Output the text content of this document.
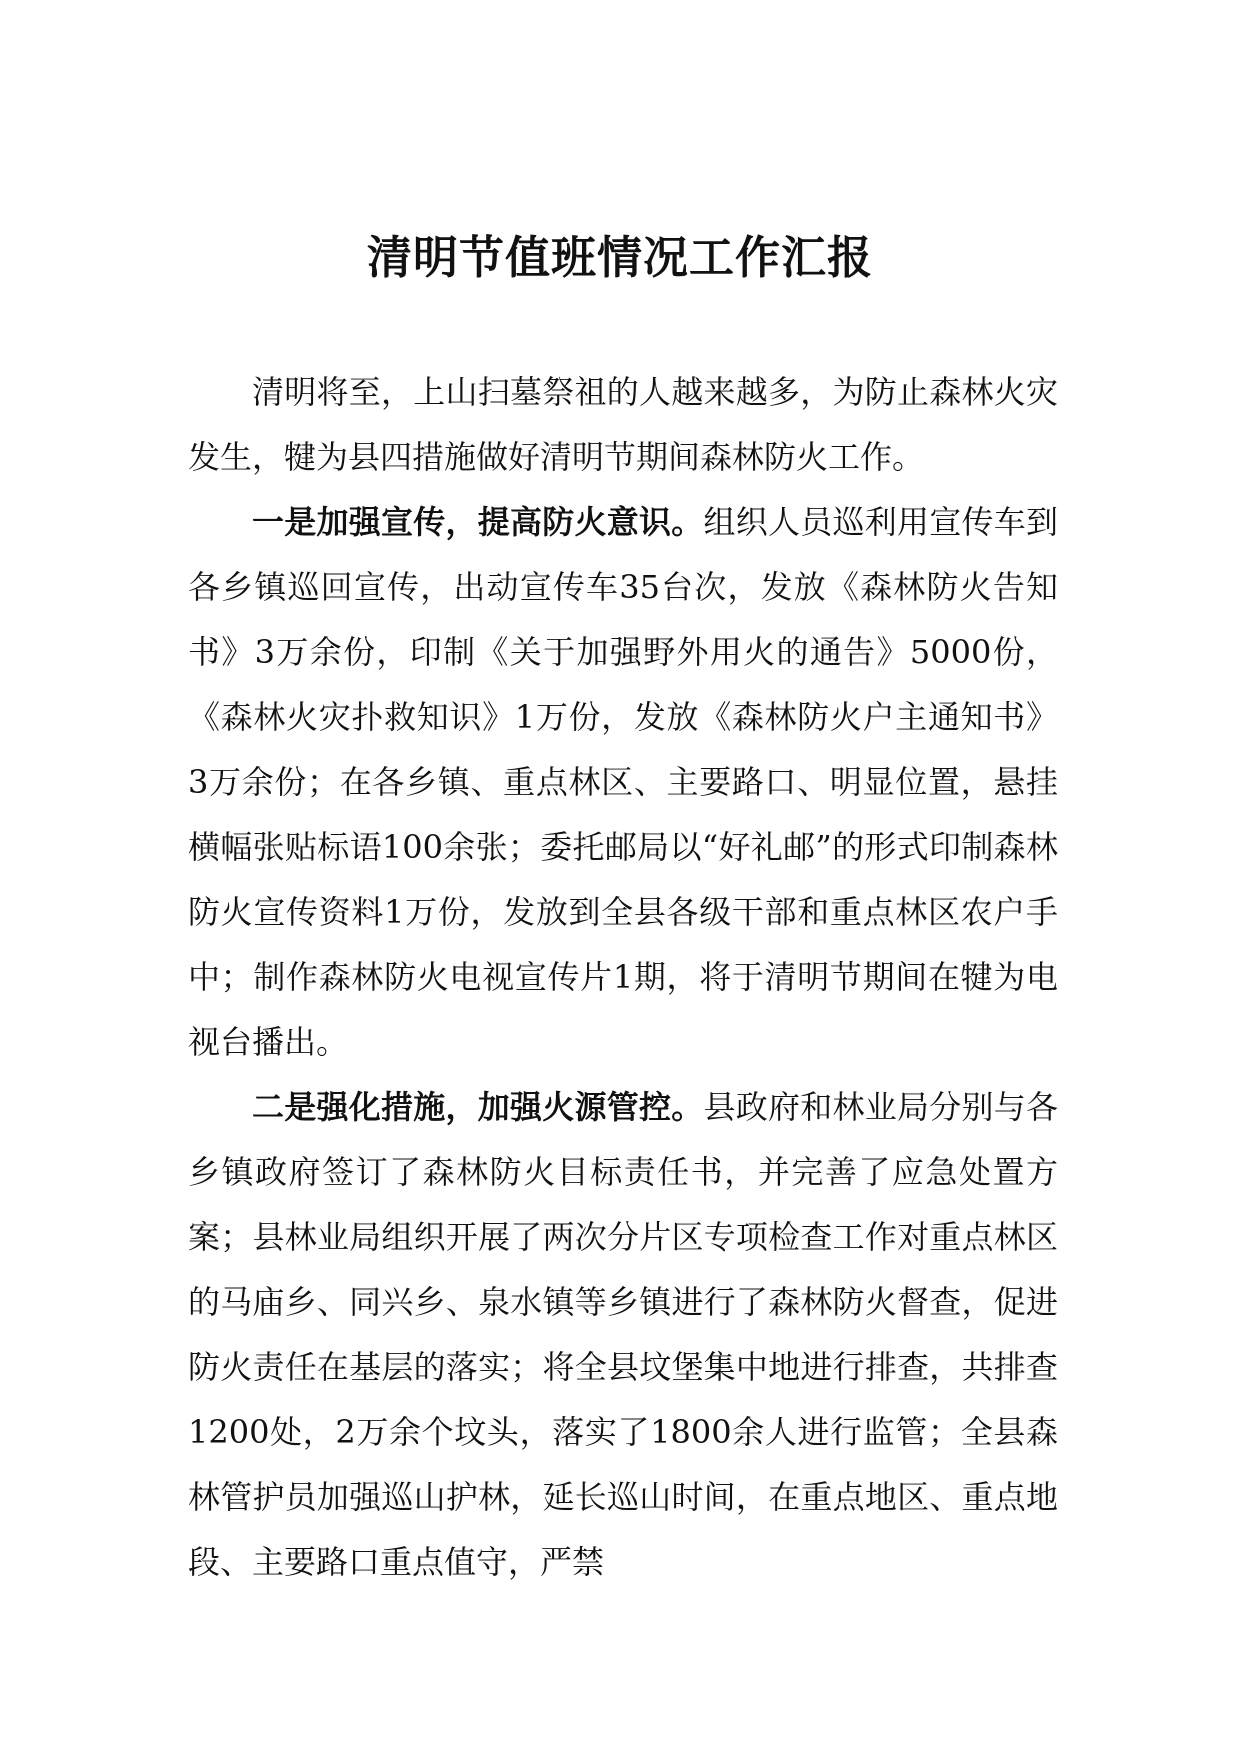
清明节值班情况工作汇报

清明将至，上山扫墓祭祖的人越来越多，为防止森林火灾发生，犍为县四措施做好清明节期间森林防火工作。

一是加强宣传，提高防火意识。组织人员巡利用宣传车到各乡镇巡回宣传，出动宣传车35台次，发放《森林防火告知书》3万余份，印制《关于加强野外用火的通告》5000份，《森林火灾扑救知识》1万份，发放《森林防火户主通知书》3万余份；在各乡镇、重点林区、主要路口、明显位置，悬挂横幅张贴标语100余张；委托邮局以“好礼邮”的形式印制森林防火宣传资料1万份，发放到全县各级干部和重点林区农户手中；制作森林防火电视宣传片1期，将于清明节期间在犍为电视台播出。

二是强化措施，加强火源管控。县政府和林业局分别与各乡镇政府签订了森林防火目标责任书，并完善了应急处置方案；县林业局组织开展了两次分片区专项检查工作对重点林区的马庙乡、同兴乡、泉水镇等乡镇进行了森林防火督查，促进防火责任在基层的落实；将全县坟堡集中地进行排查，共排查1200处，2万余个坟头，落实了1800余人进行监管；全县森林管护员加强巡山护林，延长巡山时间，在重点地区、重点地段、主要路口重点值守，严禁
